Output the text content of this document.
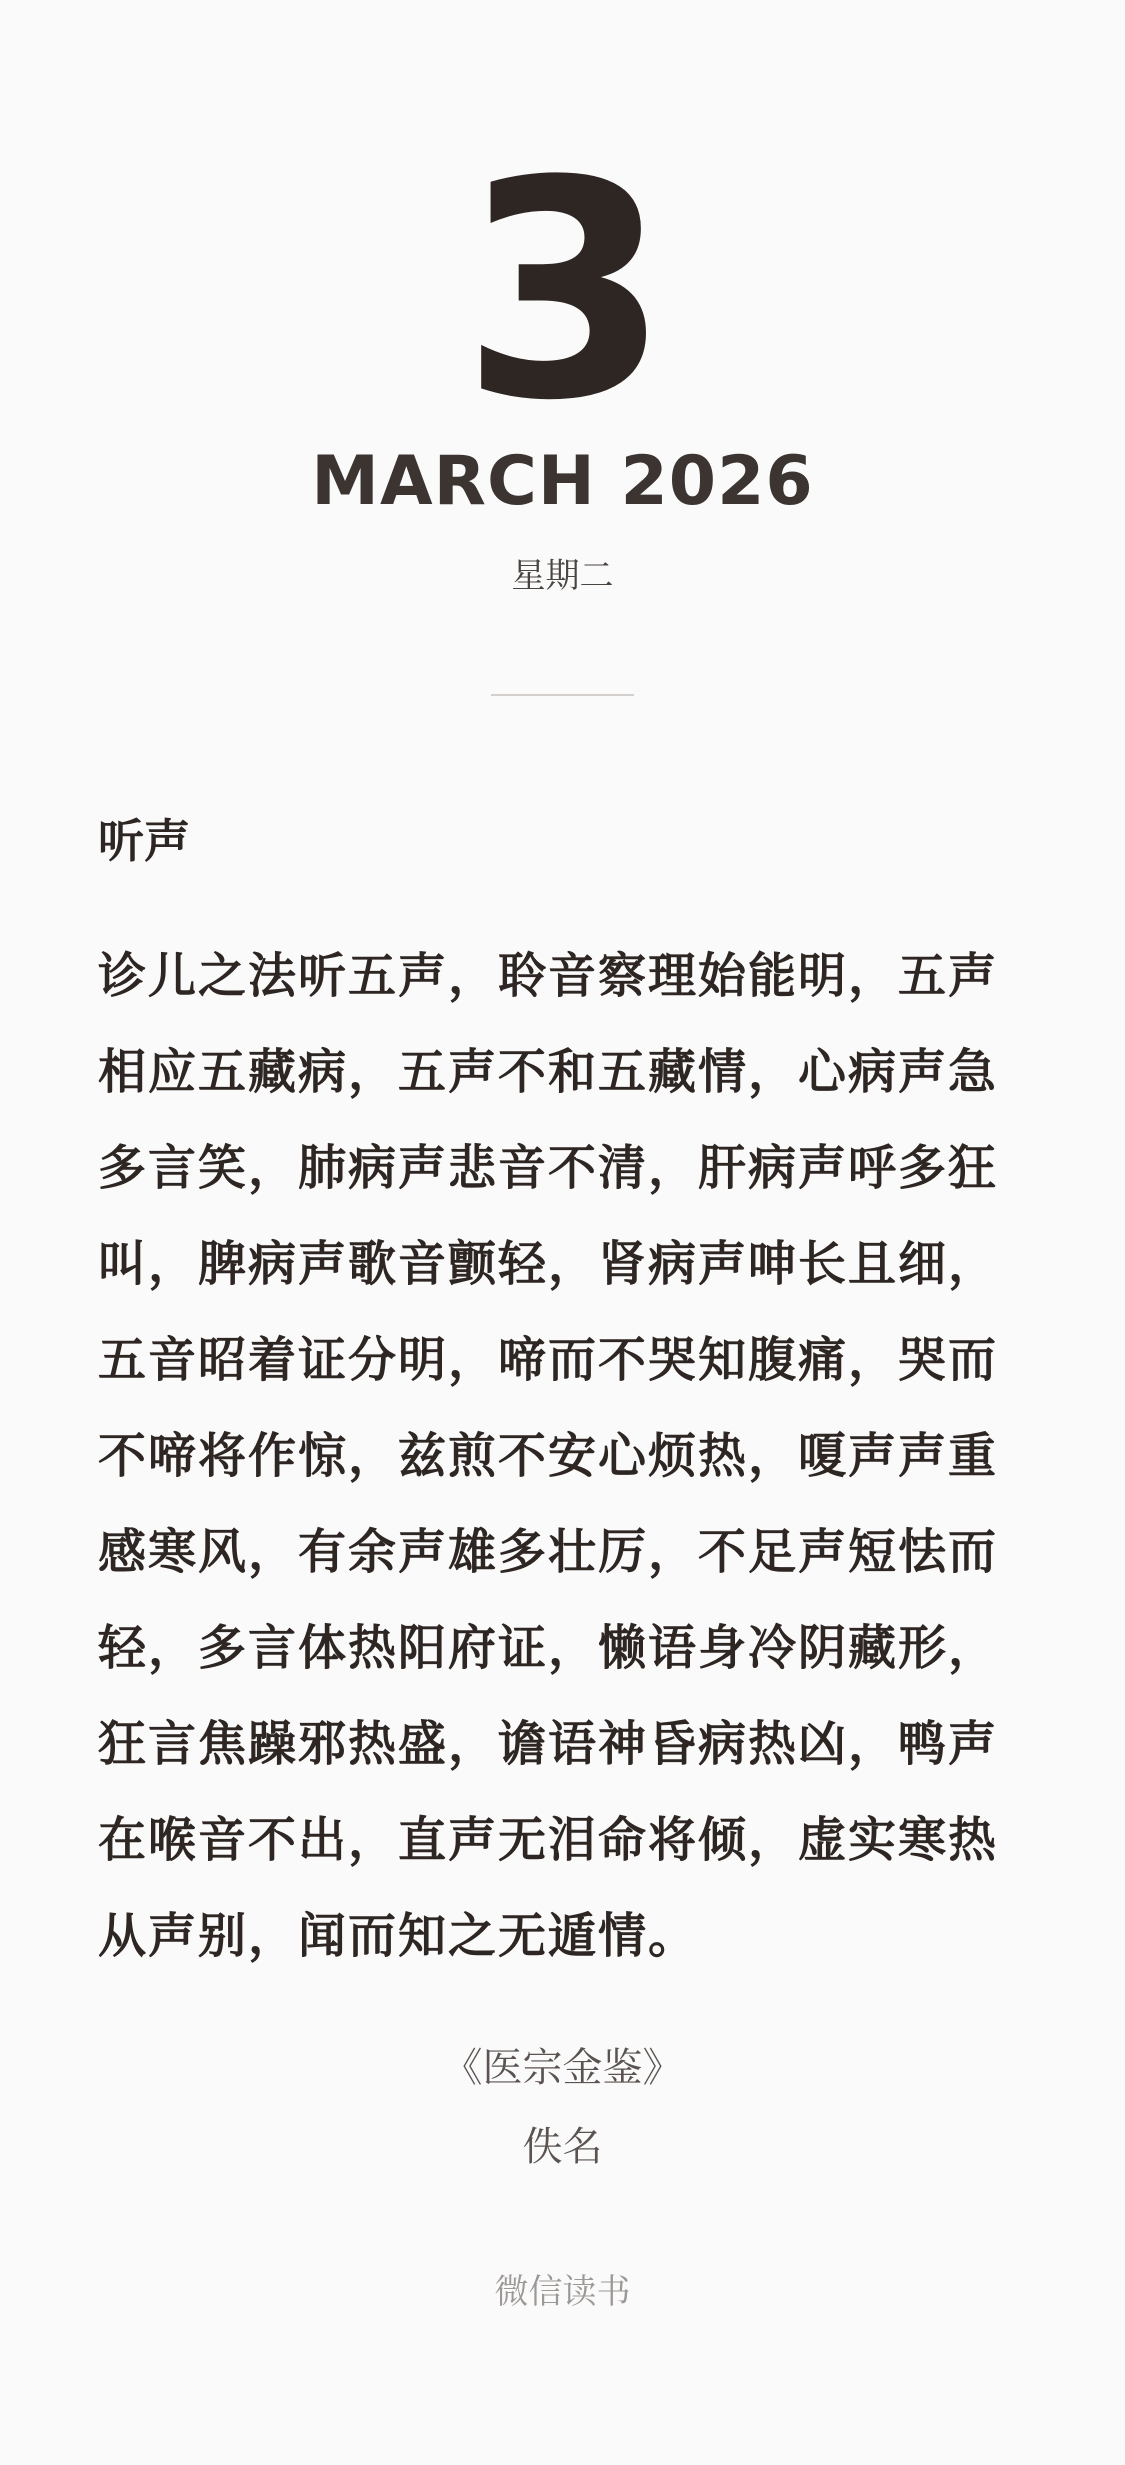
3
MARCH 2026
星期二
听声
诊儿之法听五声，聆音察理始能明，五声
相应五藏病，五声不和五藏情，心病声急
多言笑，肺病声悲音不清，肝病声呼多狂
叫，脾病声歌音颤轻，肾病声呻长且细，
五音昭着证分明，啼而不哭知腹痛，哭而
不啼将作惊，兹煎不安心烦热，嗄声声重
感寒风，有余声雄多壮厉，不足声短怯而
轻，多言体热阳府证，懒语身冷阴藏形，
狂言焦躁邪热盛，谵语神昏病热凶，鸭声
在喉音不出，直声无泪命将倾，虚实寒热
从声别，闻而知之无遁情。
《医宗金鉴》
佚名
微信读书
